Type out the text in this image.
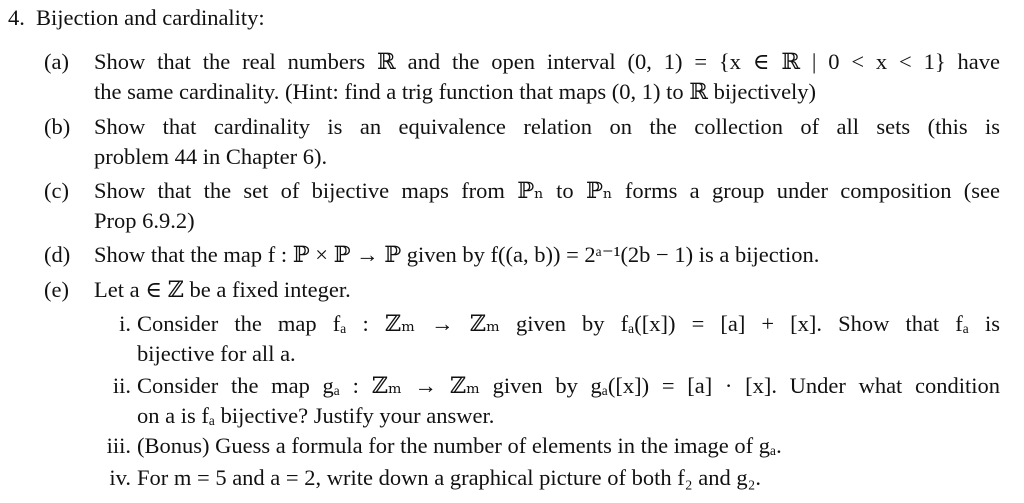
4. Bijection and cardinality:
(a)	Show that the real numbers ℝ and the open interval (0, 1) = {x ∈ ℝ | 0 < x < 1} have
the same cardinality. (Hint: find a trig function that maps (0, 1) to ℝ bijectively)
(b)	Show that cardinality is an equivalence relation on the collection of all sets (this is
problem 44 in Chapter 6).
(c)	Show that the set of bijective maps from ℙₙ to ℙₙ forms a group under composition (see
Prop 6.9.2)
(d)	Show that the map f : ℙ × ℙ → ℙ given by f((a, b)) = 2ᵃ⁻¹(2b − 1) is a bijection.
(e)	Let a ∈ ℤ be a fixed integer.
i. Consider the map fₐ : ℤₘ → ℤₘ given by fₐ([x]) = [a] + [x]. Show that fₐ is
bijective for all a.
ii. Consider the map gₐ : ℤₘ → ℤₘ given by gₐ([x]) = [a] · [x]. Under what condition
on a is fₐ bijective? Justify your answer.
iii. (Bonus) Guess a formula for the number of elements in the image of gₐ.
iv. For m = 5 and a = 2, write down a graphical picture of both f₂ and g₂.
